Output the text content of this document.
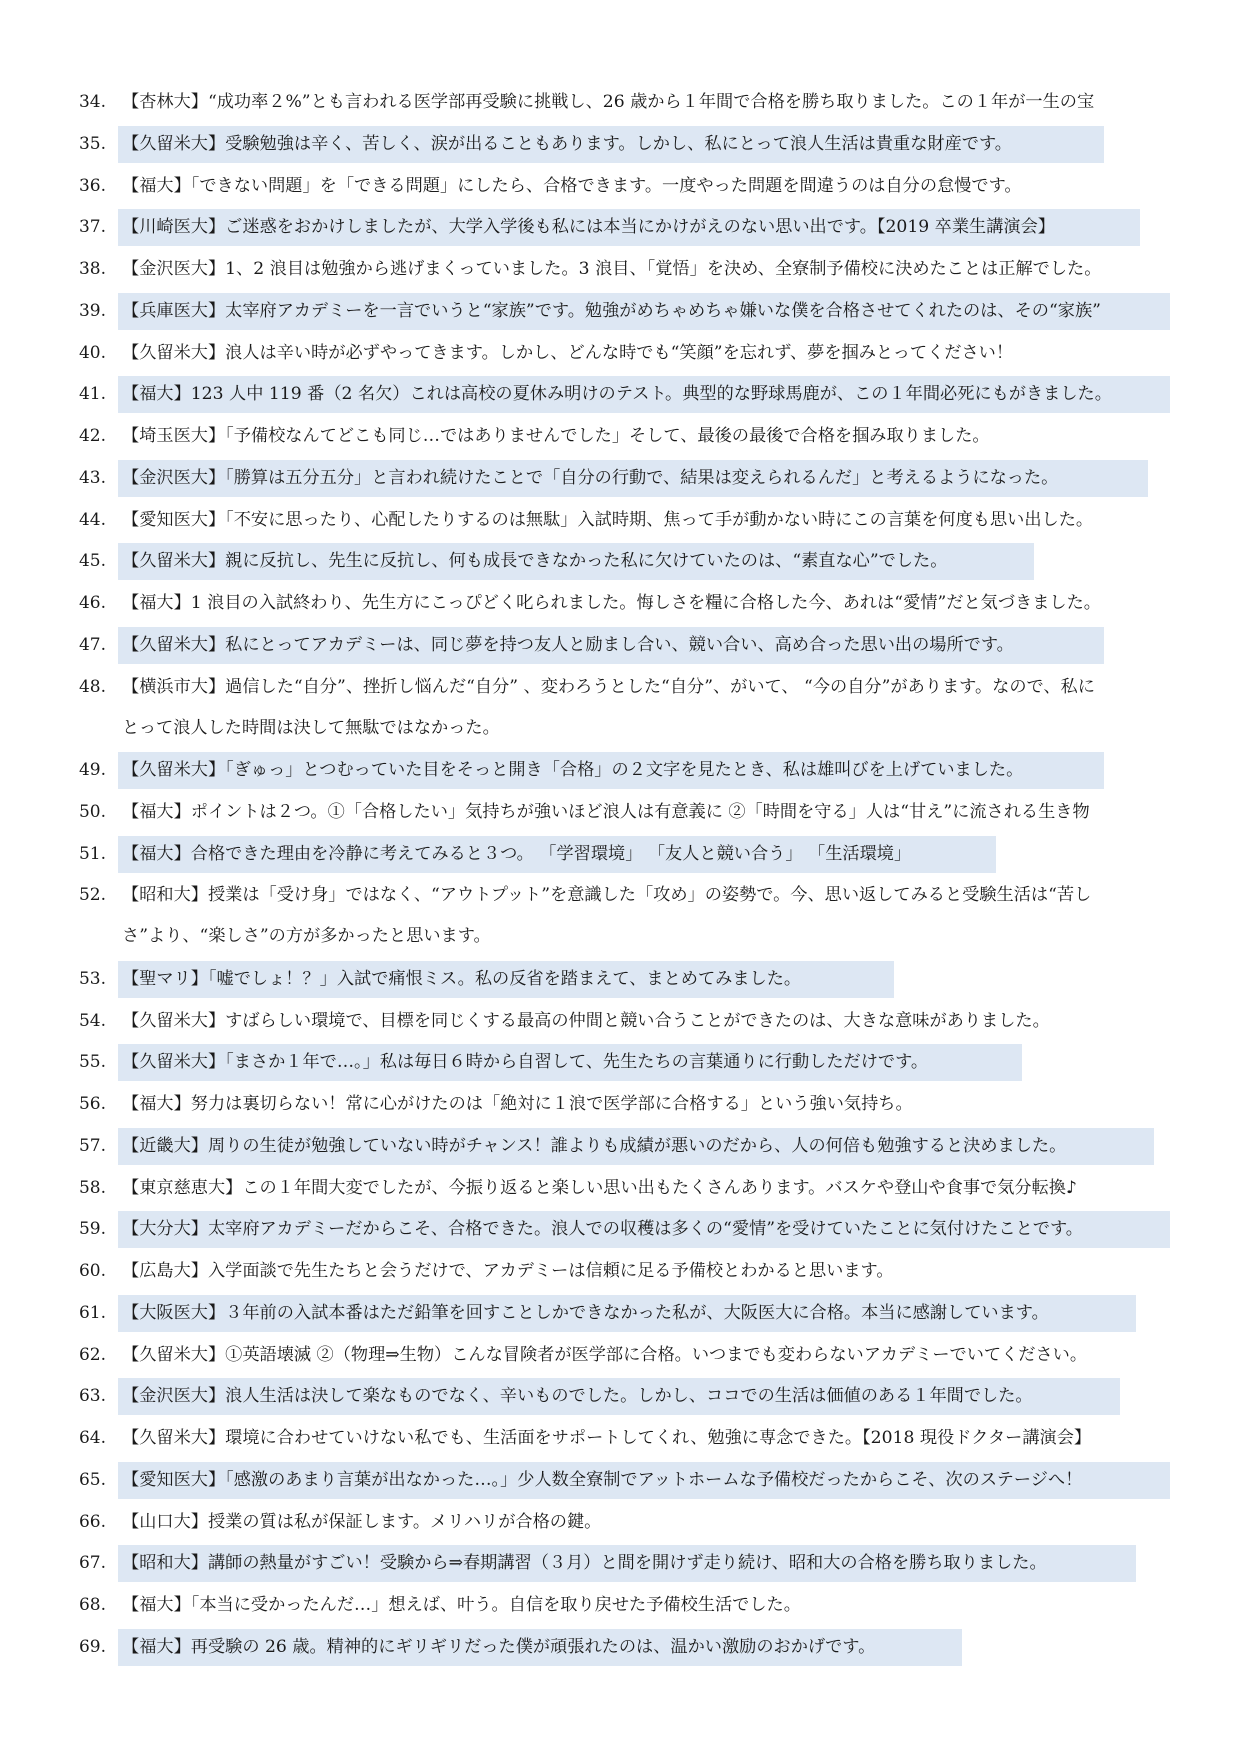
34. 【杏林大】“成功率２%”とも言われる医学部再受験に挑戦し、26 歳から１年間で合格を勝ち取りました。この１年が一生の宝
35. 【久留米大】受験勉強は辛く、苦しく、涙が出ることもあります。しかし、私にとって浪人生活は貴重な財産です。
36. 【福大】「できない問題」を「できる問題」にしたら、合格できます。一度やった問題を間違うのは自分の怠慢です。
37. 【川崎医大】ご迷惑をおかけしましたが、大学入学後も私には本当にかけがえのない思い出です。【2019 卒業生講演会】
38. 【金沢医大】1、2 浪目は勉強から逃げまくっていました。3 浪目、「覚悟」を決め、全寮制予備校に決めたことは正解でした。
39. 【兵庫医大】太宰府アカデミーを一言でいうと“家族”です。勉強がめちゃめちゃ嫌いな僕を合格させてくれたのは、その“家族”
40. 【久留米大】浪人は辛い時が必ずやってきます。しかし、どんな時でも“笑顔”を忘れず、夢を掴みとってください！
41. 【福大】123 人中 119 番（2 名欠）これは高校の夏休み明けのテスト。典型的な野球馬鹿が、この１年間必死にもがきました。
42. 【埼玉医大】「予備校なんてどこも同じ…ではありませんでした」そして、最後の最後で合格を掴み取りました。
43. 【金沢医大】「勝算は五分五分」と言われ続けたことで「自分の行動で、結果は変えられるんだ」と考えるようになった。
44. 【愛知医大】「不安に思ったり、心配したりするのは無駄」入試時期、焦って手が動かない時にこの言葉を何度も思い出した。
45. 【久留米大】親に反抗し、先生に反抗し、何も成長できなかった私に欠けていたのは、“素直な心”でした。
46. 【福大】1 浪目の入試終わり、先生方にこっぴどく叱られました。悔しさを糧に合格した今、あれは“愛情”だと気づきました。
47. 【久留米大】私にとってアカデミーは、同じ夢を持つ友人と励まし合い、競い合い、高め合った思い出の場所です。
48. 【横浜市大】過信した“自分”、挫折し悩んだ“自分” 、変わろうとした“自分”、がいて、 “今の自分”があります。なので、私に
とって浪人した時間は決して無駄ではなかった。
49. 【久留米大】「ぎゅっ」とつむっていた目をそっと開き「合格」の２文字を見たとき、私は雄叫びを上げていました。
50. 【福大】ポイントは２つ。①「合格したい」気持ちが強いほど浪人は有意義に ②「時間を守る」人は“甘え”に流される生き物
51. 【福大】合格できた理由を冷静に考えてみると３つ。 「学習環境」 「友人と競い合う」 「生活環境」
52. 【昭和大】授業は「受け身」ではなく、“アウトプット”を意識した「攻め」の姿勢で。今、思い返してみると受験生活は“苦し
さ”より、“楽しさ”の方が多かったと思います。
53. 【聖マリ】「嘘でしょ！？」入試で痛恨ミス。私の反省を踏まえて、まとめてみました。
54. 【久留米大】すばらしい環境で、目標を同じくする最高の仲間と競い合うことができたのは、大きな意味がありました。
55. 【久留米大】「まさか１年で…。」私は毎日６時から自習して、先生たちの言葉通りに行動しただけです。
56. 【福大】努力は裏切らない！常に心がけたのは「絶対に１浪で医学部に合格する」という強い気持ち。
57. 【近畿大】周りの生徒が勉強していない時がチャンス！誰よりも成績が悪いのだから、人の何倍も勉強すると決めました。
58. 【東京慈恵大】この１年間大変でしたが、今振り返ると楽しい思い出もたくさんあります。バスケや登山や食事で気分転換♪
59. 【大分大】太宰府アカデミーだからこそ、合格できた。浪人での収穫は多くの“愛情”を受けていたことに気付けたことです。
60. 【広島大】入学面談で先生たちと会うだけで、アカデミーは信頼に足る予備校とわかると思います。
61. 【大阪医大】３年前の入試本番はただ鉛筆を回すことしかできなかった私が、大阪医大に合格。本当に感謝しています。
62. 【久留米大】①英語壊滅 ②（物理⇒生物）こんな冒険者が医学部に合格。いつまでも変わらないアカデミーでいてください。
63. 【金沢医大】浪人生活は決して楽なものでなく、辛いものでした。しかし、ココでの生活は価値のある１年間でした。
64. 【久留米大】環境に合わせていけない私でも、生活面をサポートしてくれ、勉強に専念できた。【2018 現役ドクター講演会】
65. 【愛知医大】「感激のあまり言葉が出なかった…。」少人数全寮制でアットホームな予備校だったからこそ、次のステージへ！
66. 【山口大】授業の質は私が保証します。メリハリが合格の鍵。
67. 【昭和大】講師の熱量がすごい！受験から⇒春期講習（３月）と間を開けず走り続け、昭和大の合格を勝ち取りました。
68. 【福大】「本当に受かったんだ…」想えば、叶う。自信を取り戻せた予備校生活でした。
69. 【福大】再受験の 26 歳。精神的にギリギリだった僕が頑張れたのは、温かい激励のおかげです。
